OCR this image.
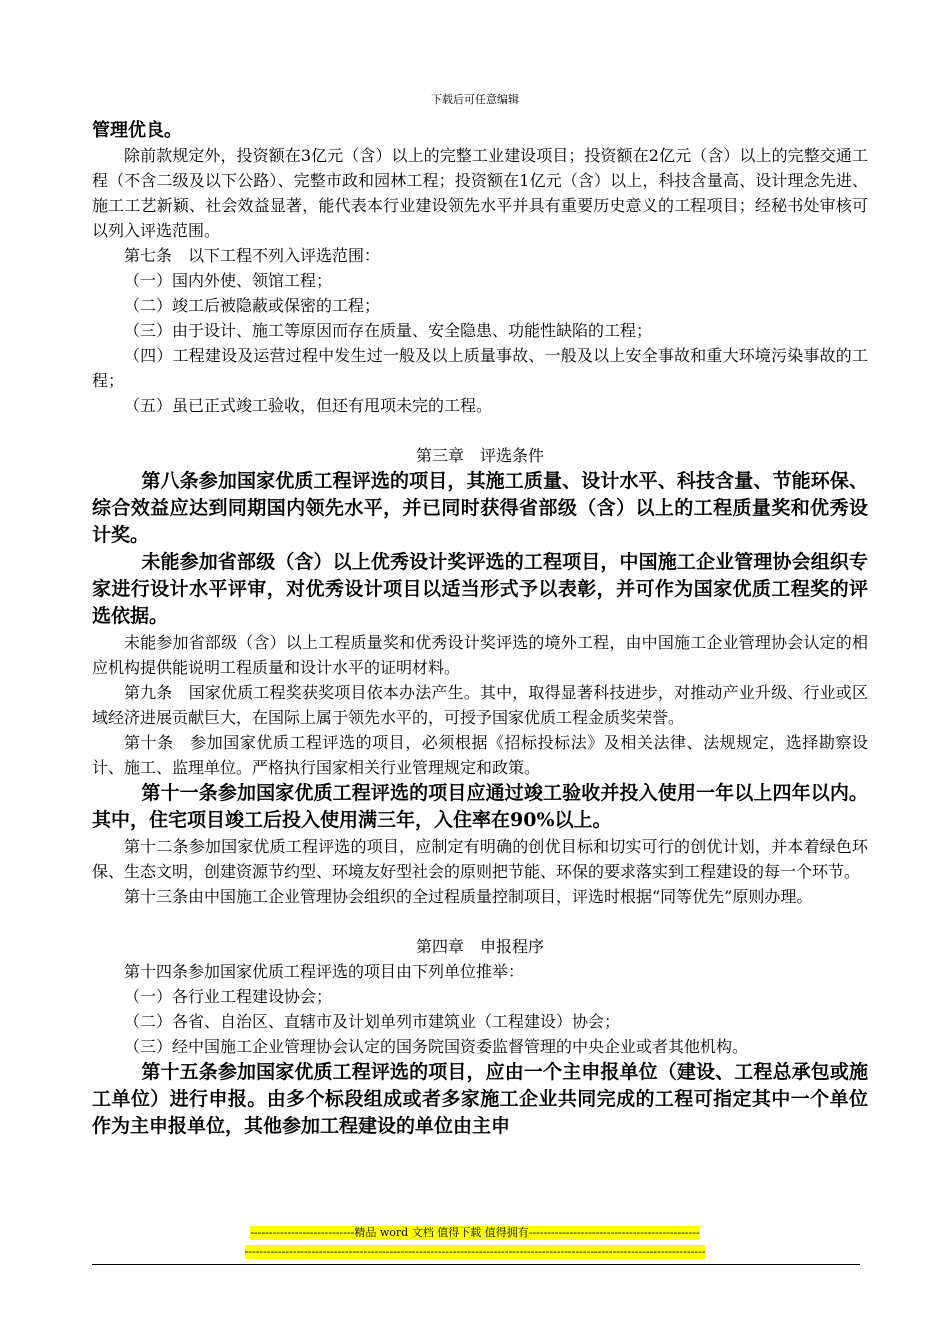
下载后可任意编辑

管理优良。

除前款规定外，投资额在3亿元（含）以上的完整工业建设项目；投资额在2亿元（含）以上的完整交通工程（不含二级及以下公路）、完整市政和园林工程；投资额在1亿元（含）以上，科技含量高、设计理念先进、施工工艺新颖、社会效益显著，能代表本行业建设领先水平并具有重要历史意义的工程项目；经秘书处审核可以列入评选范围。

第七条　以下工程不列入评选范围：

（一）国内外使、领馆工程；

（二）竣工后被隐蔽或保密的工程；

（三）由于设计、施工等原因而存在质量、安全隐患、功能性缺陷的工程；

（四）工程建设及运营过程中发生过一般及以上质量事故、一般及以上安全事故和重大环境污染事故的工程；

（五）虽已正式竣工验收，但还有甩项未完的工程。

第三章　评选条件

第八条参加国家优质工程评选的项目，其施工质量、设计水平、科技含量、节能环保、综合效益应达到同期国内领先水平，并已同时获得省部级（含）以上的工程质量奖和优秀设计奖。

未能参加省部级（含）以上优秀设计奖评选的工程项目，中国施工企业管理协会组织专家进行设计水平评审，对优秀设计项目以适当形式予以表彰，并可作为国家优质工程奖的评选依据。

未能参加省部级（含）以上工程质量奖和优秀设计奖评选的境外工程，由中国施工企业管理协会认定的相应机构提供能说明工程质量和设计水平的证明材料。

第九条　国家优质工程奖获奖项目依本办法产生。其中，取得显著科技进步，对推动产业升级、行业或区域经济进展贡献巨大，在国际上属于领先水平的，可授予国家优质工程金质奖荣誉。

第十条　参加国家优质工程评选的项目，必须根据《招标投标法》及相关法律、法规规定，选择勘察设计、施工、监理单位。严格执行国家相关行业管理规定和政策。

第十一条参加国家优质工程评选的项目应通过竣工验收并投入使用一年以上四年以内。其中，住宅项目竣工后投入使用满三年，入住率在90%以上。

第十二条参加国家优质工程评选的项目，应制定有明确的创优目标和切实可行的创优计划，并本着绿色环保、生态文明，创建资源节约型、环境友好型社会的原则把节能、环保的要求落实到工程建设的每一个环节。

第十三条由中国施工企业管理协会组织的全过程质量控制项目，评选时根据“同等优先”原则办理。

第四章　申报程序

第十四条参加国家优质工程评选的项目由下列单位推举：

（一）各行业工程建设协会；

（二）各省、自治区、直辖市及计划单列市建筑业（工程建设）协会；

（三）经中国施工企业管理协会认定的国务院国资委监督管理的中央企业或者其他机构。

第十五条参加国家优质工程评选的项目，应由一个主申报单位（建设、工程总承包或施工单位）进行申报。由多个标段组成或者多家施工企业共同完成的工程可指定其中一个单位作为主申报单位，其他参加工程建设的单位由主申

----------------------------精品 word 文档 值得下载 值得拥有----------------------------------------------
----------------------------------------------------------------------------------------------------------------------------
